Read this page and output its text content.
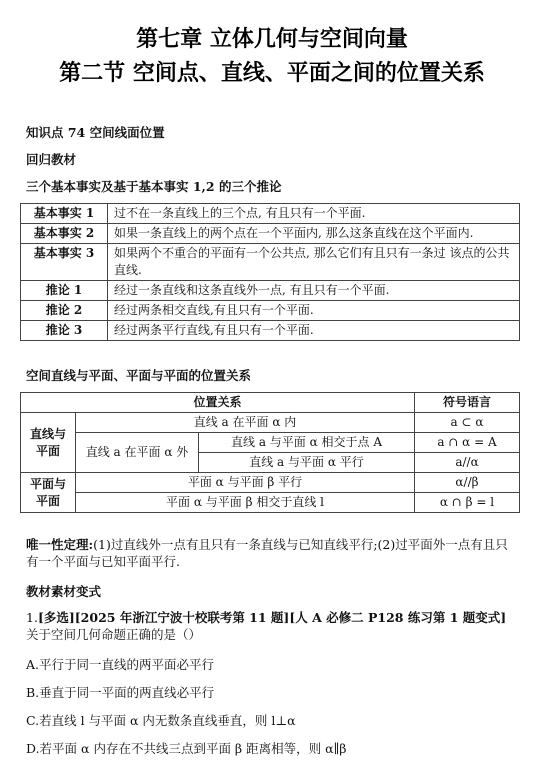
第七章 立体几何与空间向量
第二节 空间点、直线、平面之间的位置关系
知识点 74 空间线面位置
回归教材
三个基本事实及基于基本事实 1,2 的三个推论
基本事实 1	过不在一条直线上的三个点, 有且只有一个平面.
基本事实 2	如果一条直线上的两个点在一个平面内, 那么这条直线在这个平面内.
基本事实 3	如果两个不重合的平面有一个公共点, 那么它们有且只有一条过 该点的公共直线.
推论 1	经过一条直线和这条直线外一点, 有且只有一个平面.
推论 2	经过两条相交直线,有且只有一个平面.
推论 3	经过两条平行直线,有且只有一个平面.
空间直线与平面、平面与平面的位置关系
位置关系			符号语言
直线与
平面	直线 a 在平面 α 内		a ⊂ α
	直线 a 在平面 α 外	直线 a 与平面 α 相交于点 A	a ∩ α = A
		直线 a 与平面 α 平行	a//α
平面与
平面	平面 α 与平面 β 平行		α//β
	平面 α 与平面 β 相交于直线 l		α ∩ β = l
唯一性定理:(1)过直线外一点有且只有一条直线与已知直线平行;(2)过平面外一点有且只有一个平面与已知平面平行.
教材素材变式
1.[多选][2025 年浙江宁波十校联考第 11 题][人 A 必修二 P128 练习第 1 题变式]
关于空间几何命题正确的是（）
A.平行于同一直线的两平面必平行
B.垂直于同一平面的两直线必平行
C.若直线 l 与平面 α 内无数条直线垂直，则 l⊥α
D.若平面 α 内存在不共线三点到平面 β 距离相等，则 α∥β
